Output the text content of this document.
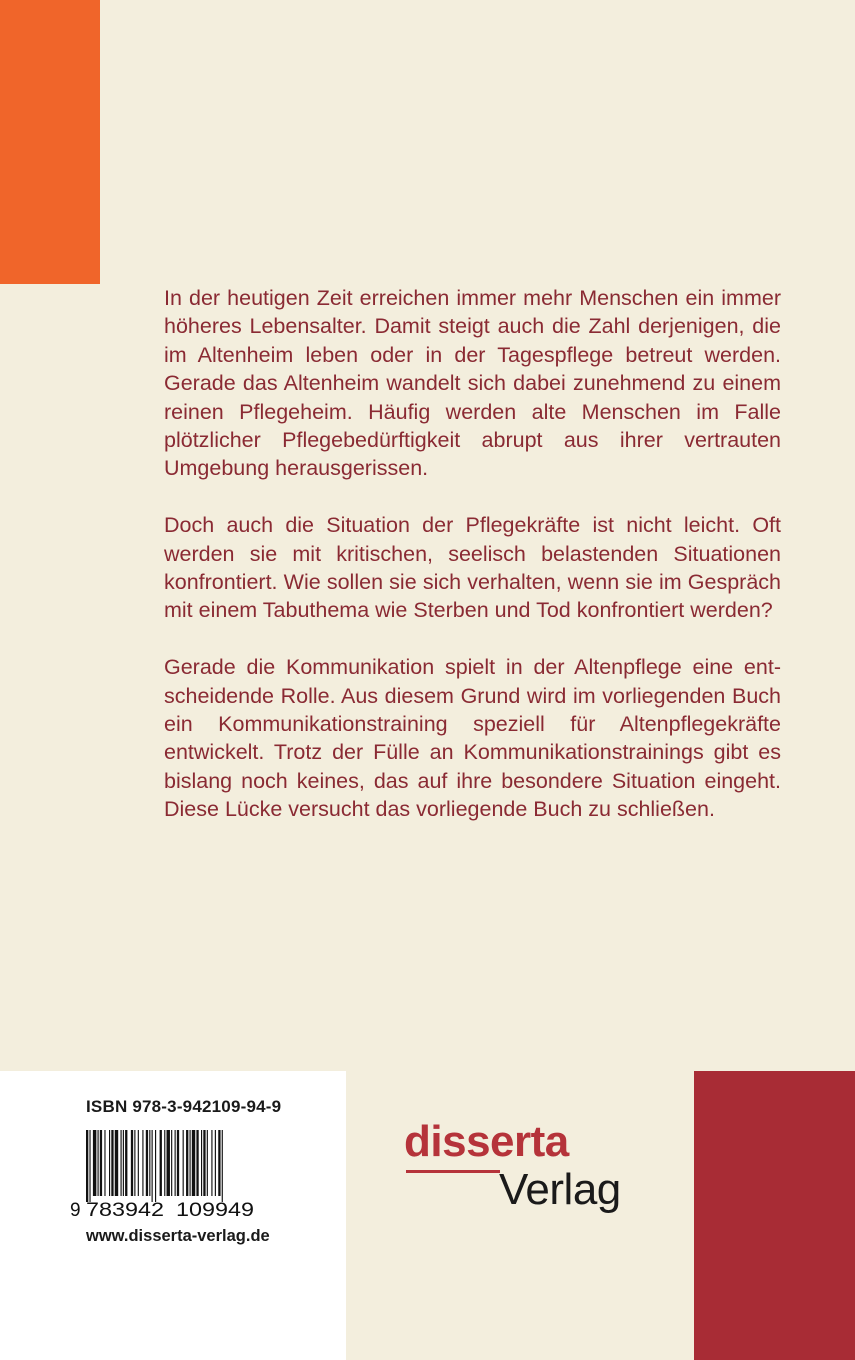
In der heutigen Zeit erreichen immer mehr Menschen ein immer höheres Lebensalter. Damit steigt auch die Zahl derjenigen, die im Altenheim leben oder in der Tagespflege betreut werden. Gerade das Altenheim wandelt sich dabei zunehmend zu einem reinen Pflegeheim. Häufig werden alte Menschen im Falle plötzlicher Pflegebedürftigkeit abrupt aus ihrer vertrauten Umgebung herausgerissen.

Doch auch die Situation der Pflegekräfte ist nicht leicht. Oft werden sie mit kritischen, seelisch belastenden Situationen konfrontiert. Wie sollen sie sich verhalten, wenn sie im Gespräch mit einem Tabuthema wie Sterben und Tod konfrontiert werden?

Gerade die Kommunikation spielt in der Altenpflege eine entscheidende Rolle. Aus diesem Grund wird im vorliegenden Buch ein Kommunikationstraining speziell für Altenpflegekräfte entwickelt. Trotz der Fülle an Kommunikationstrainings gibt es bislang noch keines, das auf ihre besondere Situation eingeht. Diese Lücke versucht das vorliegende Buch zu schließen.

ISBN 978-3-942109-94-9
9 783942 109949
www.disserta-verlag.de
disserta
Verlag
